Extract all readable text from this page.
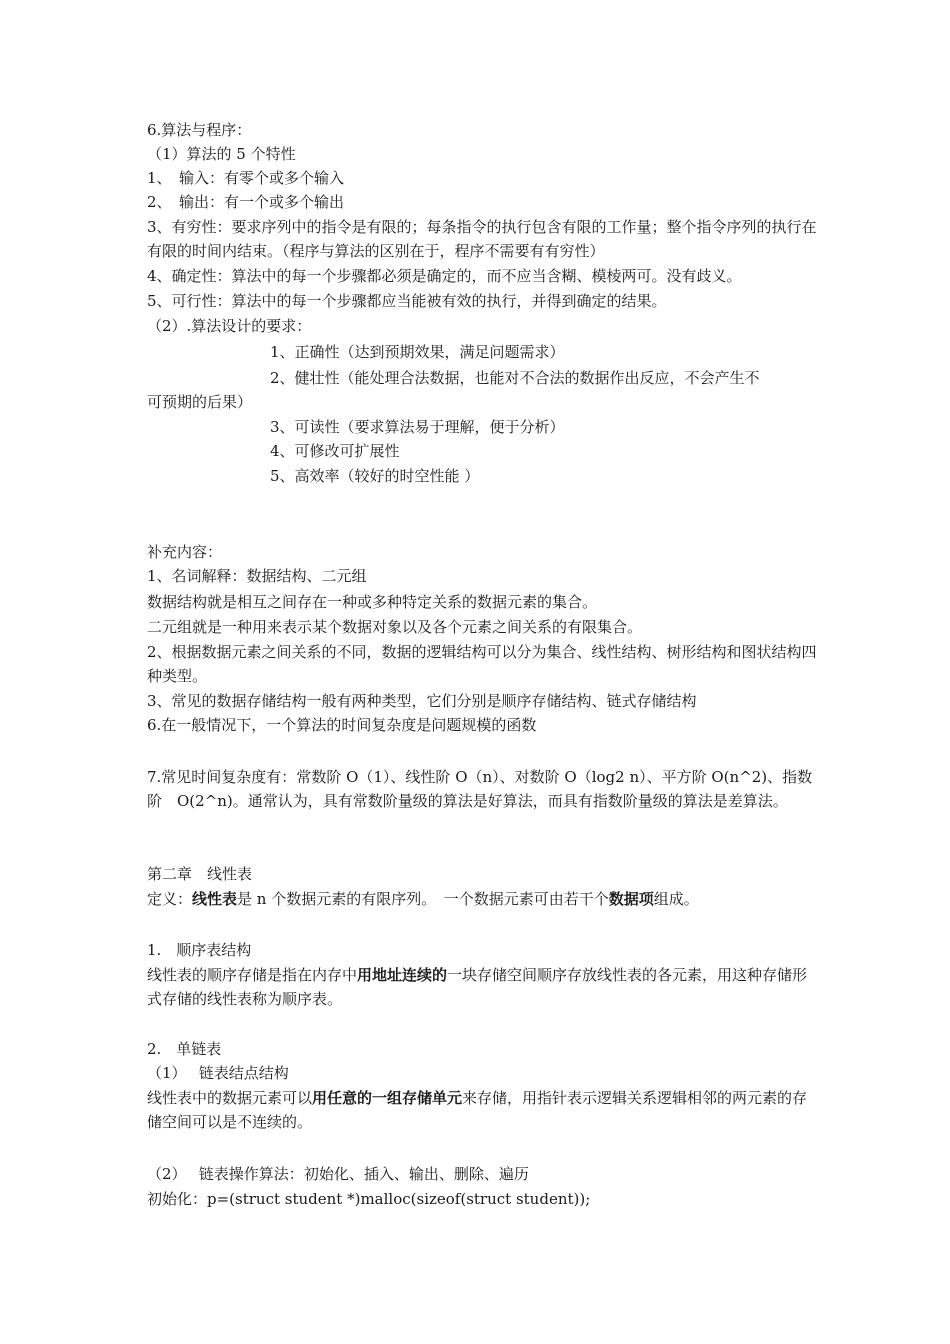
6.算法与程序：
（1）算法的 5 个特性
1、　输入：有零个或多个输入
2、　输出：有一个或多个输出
3、有穷性：要求序列中的指令是有限的；每条指令的执行包含有限的工作量；整个指令序列的执行在有限的时间内结束。（程序与算法的区别在于，程序不需要有有穷性）
4、确定性：算法中的每一个步骤都必须是确定的，而不应当含糊、模棱两可。没有歧义。
5、可行性：算法中的每一个步骤都应当能被有效的执行，并得到确定的结果。
（2）.算法设计的要求：
1、正确性（达到预期效果，满足问题需求）
2、健壮性（能处理合法数据，也能对不合法的数据作出反应，不会产生不
可预期的后果）
3、可读性（要求算法易于理解，便于分析）
4、可修改可扩展性
5、高效率（较好的时空性能 ）
补充内容：
1、名词解释：数据结构、二元组
数据结构就是相互之间存在一种或多种特定关系的数据元素的集合。
二元组就是一种用来表示某个数据对象以及各个元素之间关系的有限集合。
2、根据数据元素之间关系的不同，数据的逻辑结构可以分为集合、线性结构、树形结构和图状结构四种类型。
3、常见的数据存储结构一般有两种类型，它们分别是顺序存储结构、链式存储结构
6.在一般情况下，一个算法的时间复杂度是问题规模的函数
7.常见时间复杂度有：常数阶 O（1）、线性阶 O（n）、对数阶 O（log2 n）、平方阶 O(n^2)、指数阶　O(2^n)。通常认为，具有常数阶量级的算法是好算法，而具有指数阶量级的算法是差算法。
第二章　线性表
定义：线性表是 n 个数据元素的有限序列。　一个数据元素可由若干个数据项组成。
1.　顺序表结构
线性表的顺序存储是指在内存中用地址连续的一块存储空间顺序存放线性表的各元素，用这种存储形式存储的线性表称为顺序表。
2.　单链表
（1）　 链表结点结构
线性表中的数据元素可以用任意的一组存储单元来存储，用指针表示逻辑关系逻辑相邻的两元素的存储空间可以是不连续的。
（2）　 链表操作算法：初始化、插入、输出、删除、遍历
初始化：p=(struct student *)malloc(sizeof(struct student));
